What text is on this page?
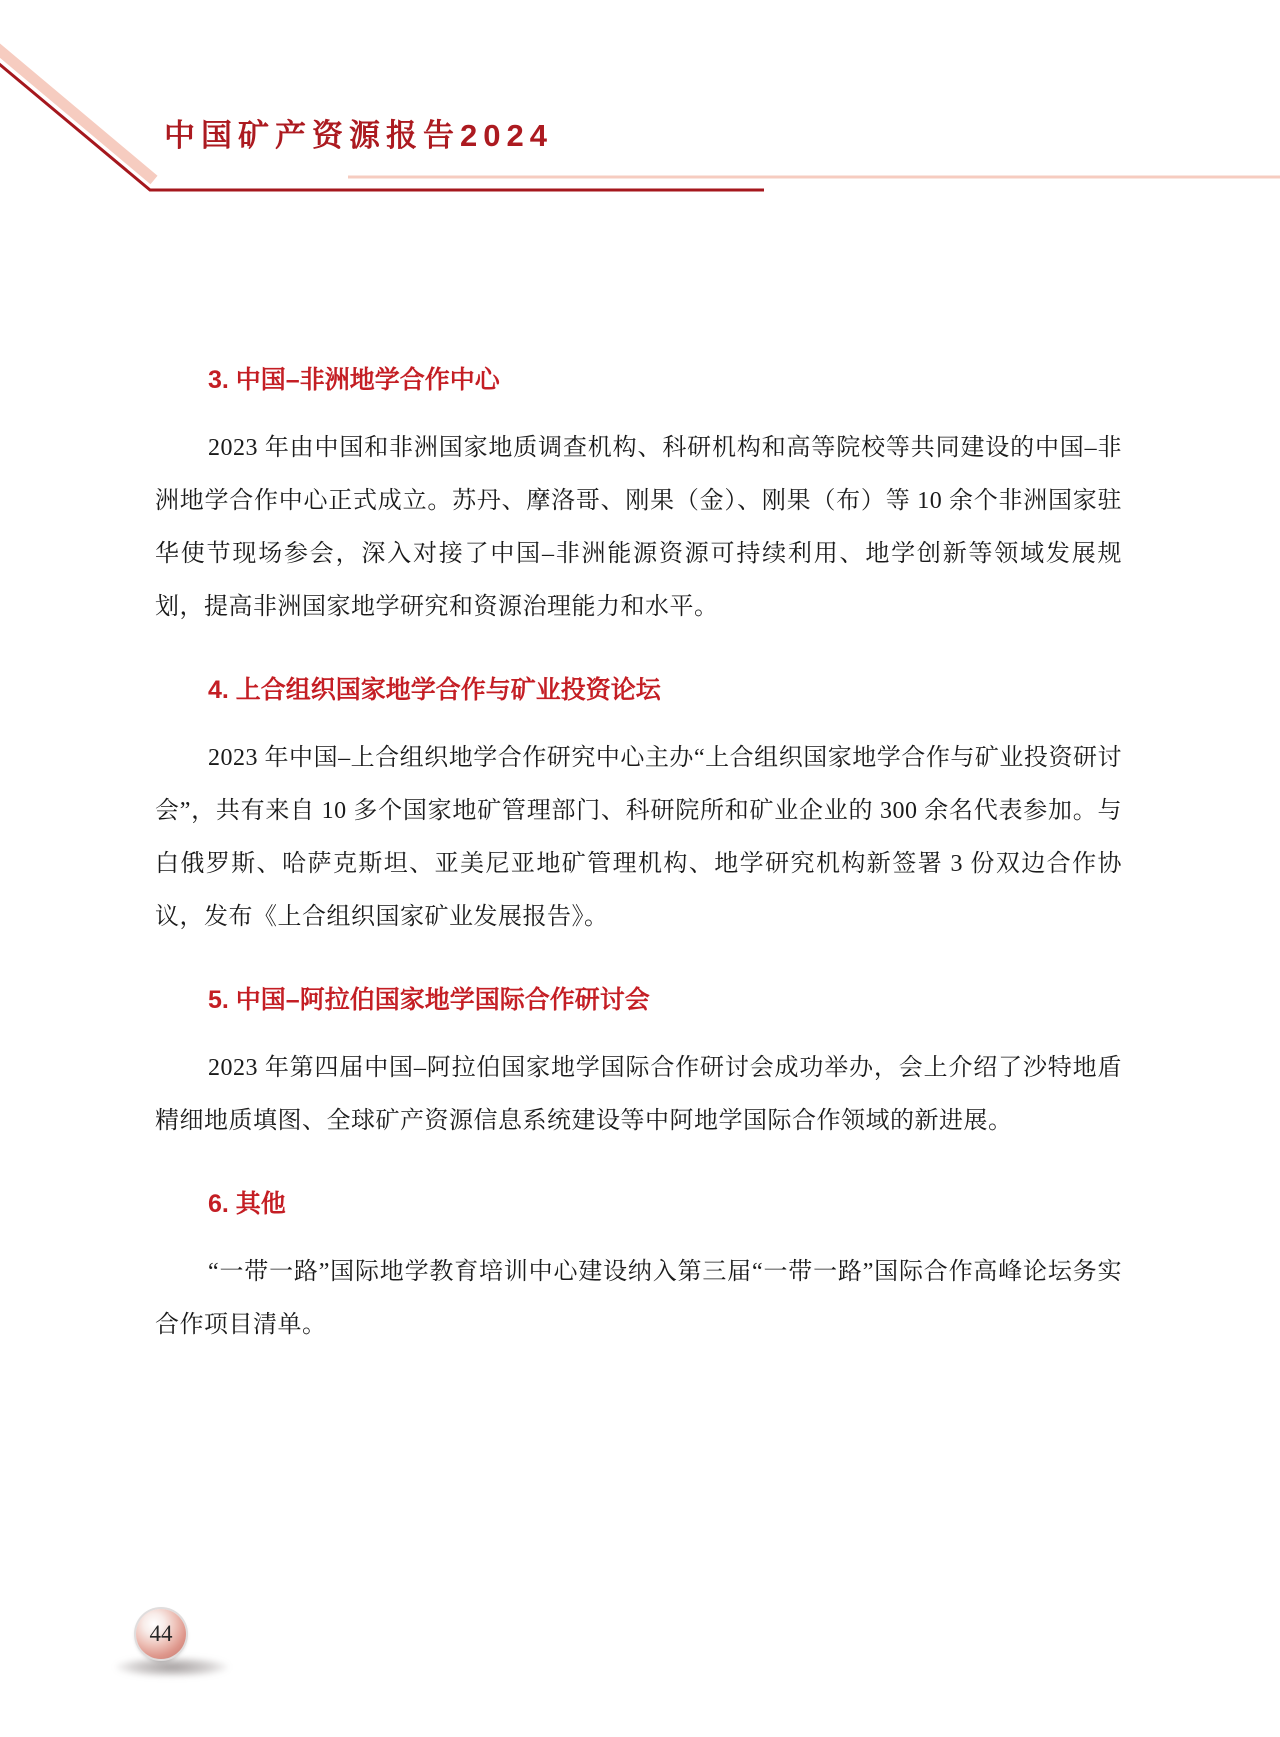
中国矿产资源报告2024
3. 中国–非洲地学合作中心

2023 年由中国和非洲国家地质调查机构、科研机构和高等院校等共同建设的中国–非洲地学合作中心正式成立。苏丹、摩洛哥、刚果（金）、刚果（布）等 10 余个非洲国家驻华使节现场参会，深入对接了中国–非洲能源资源可持续利用、地学创新等领域发展规划，提高非洲国家地学研究和资源治理能力和水平。

4. 上合组织国家地学合作与矿业投资论坛

2023 年中国–上合组织地学合作研究中心主办“上合组织国家地学合作与矿业投资研讨会”，共有来自 10 多个国家地矿管理部门、科研院所和矿业企业的 300 余名代表参加。与白俄罗斯、哈萨克斯坦、亚美尼亚地矿管理机构、地学研究机构新签署 3 份双边合作协议，发布《上合组织国家矿业发展报告》。

5. 中国–阿拉伯国家地学国际合作研讨会

2023 年第四届中国–阿拉伯国家地学国际合作研讨会成功举办，会上介绍了沙特地盾精细地质填图、全球矿产资源信息系统建设等中阿地学国际合作领域的新进展。

6. 其他

“一带一路”国际地学教育培训中心建设纳入第三届“一带一路”国际合作高峰论坛务实合作项目清单。

44
